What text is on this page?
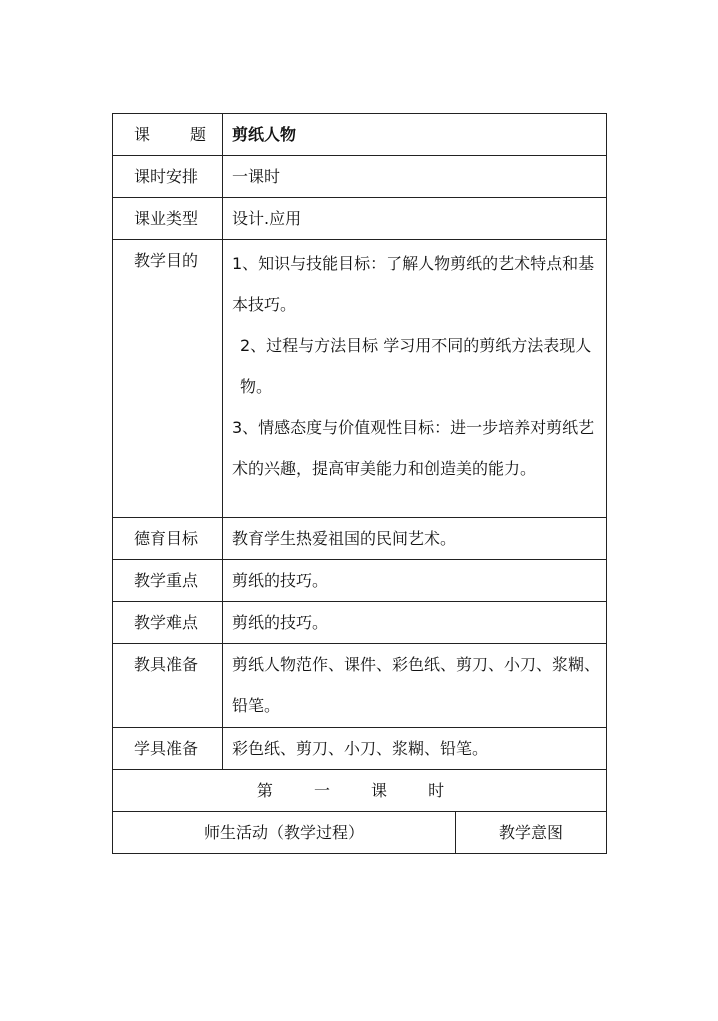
课　　题	剪纸人物	
课时安排	一课时	
课业类型	设计.应用	
教学目的	1、知识与技能目标：了解人物剪纸的艺术特点和基本技巧。

2、过程与方法目标 学习用不同的剪纸方法表现人物。

3、情感态度与价值观性目标：进一步培养对剪纸艺术的兴趣，提高审美能力和创造美的能力。	

德育目标	教育学生热爱祖国的民间艺术。	
教学重点	剪纸的技巧。	
教学难点	剪纸的技巧。	
教具准备	剪纸人物范作、课件、彩色纸、剪刀、小刀、浆糊、铅笔。	
学具准备	彩色纸、剪刀、小刀、浆糊、铅笔。	
第 一 课 时		
师生活动（教学过程）		教学意图
